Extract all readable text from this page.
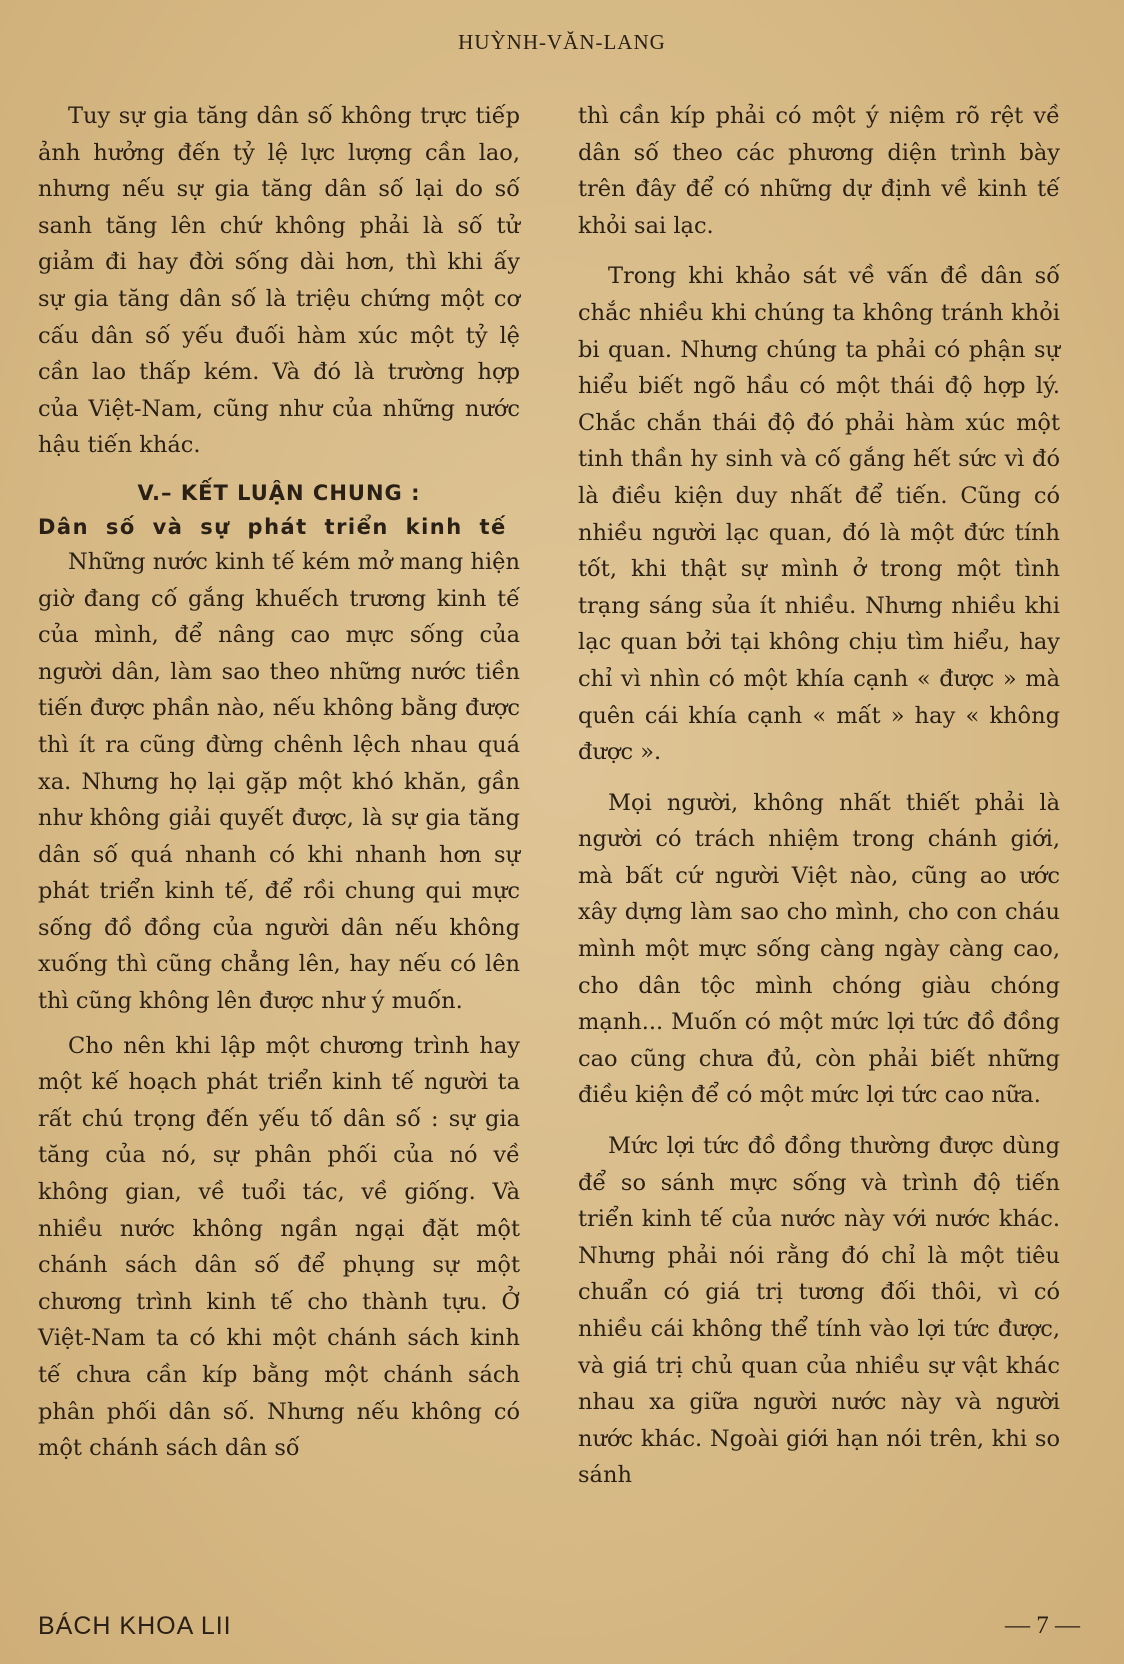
HUỲNH-VĂN-LANG

Tuy sự gia tăng dân số không trực tiếp ảnh hưởng đến tỷ lệ lực lượng cần lao, nhưng nếu sự gia tăng dân số lại do số sanh tăng lên chứ không phải là số tử giảm đi hay đời sống dài hơn, thì khi ấy sự gia tăng dân số là triệu chứng một cơ cấu dân số yếu đuối hàm xúc một tỷ lệ cần lao thấp kém. Và đó là trường hợp của Việt-Nam, cũng như của những nước hậu tiến khác.

V.– KẾT LUẬN CHUNG :

Dân số và sự phát triển kinh tế

Những nước kinh tế kém mở mang hiện giờ đang cố gắng khuếch trương kinh tế của mình, để nâng cao mực sống của người dân, làm sao theo những nước tiền tiến được phần nào, nếu không bằng được thì ít ra cũng đừng chênh lệch nhau quá xa. Nhưng họ lại gặp một khó khăn, gần như không giải quyết được, là sự gia tăng dân số quá nhanh có khi nhanh hơn sự phát triển kinh tế, để rồi chung qui mực sống đồ đồng của người dân nếu không xuống thì cũng chẳng lên, hay nếu có lên thì cũng không lên được như ý muốn.

Cho nên khi lập một chương trình hay một kế hoạch phát triển kinh tế người ta rất chú trọng đến yếu tố dân số : sự gia tăng của nó, sự phân phối của nó về không gian, về tuổi tác, về giống. Và nhiều nước không ngần ngại đặt một chánh sách dân số để phụng sự một chương trình kinh tế cho thành tựu. Ở Việt-Nam ta có khi một chánh sách kinh tế chưa cần kíp bằng một chánh sách phân phối dân số. Nhưng nếu không có một chánh sách dân số

thì cần kíp phải có một ý niệm rõ rệt về dân số theo các phương diện trình bày trên đây để có những dự định về kinh tế khỏi sai lạc.

Trong khi khảo sát về vấn đề dân số chắc nhiều khi chúng ta không tránh khỏi bi quan. Nhưng chúng ta phải có phận sự hiểu biết ngõ hầu có một thái độ hợp lý. Chắc chắn thái độ đó phải hàm xúc một tinh thần hy sinh và cố gắng hết sức vì đó là điều kiện duy nhất để tiến. Cũng có nhiều người lạc quan, đó là một đức tính tốt, khi thật sự mình ở trong một tình trạng sáng sủa ít nhiều. Nhưng nhiều khi lạc quan bởi tại không chịu tìm hiểu, hay chỉ vì nhìn có một khía cạnh « được » mà quên cái khía cạnh « mất » hay « không được ».

Mọi người, không nhất thiết phải là người có trách nhiệm trong chánh giới, mà bất cứ người Việt nào, cũng ao ước xây dựng làm sao cho mình, cho con cháu mình một mực sống càng ngày càng cao, cho dân tộc mình chóng giàu chóng mạnh... Muốn có một mức lợi tức đồ đồng cao cũng chưa đủ, còn phải biết những điều kiện để có một mức lợi tức cao nữa.

Mức lợi tức đồ đồng thường được dùng để so sánh mực sống và trình độ tiến triển kinh tế của nước này với nước khác. Nhưng phải nói rằng đó chỉ là một tiêu chuẩn có giá trị tương đối thôi, vì có nhiều cái không thể tính vào lợi tức được, và giá trị chủ quan của nhiều sự vật khác nhau xa giữa người nước này và người nước khác. Ngoài giới hạn nói trên, khi so sánh

BÁCH KHOA LII	— 7 —
